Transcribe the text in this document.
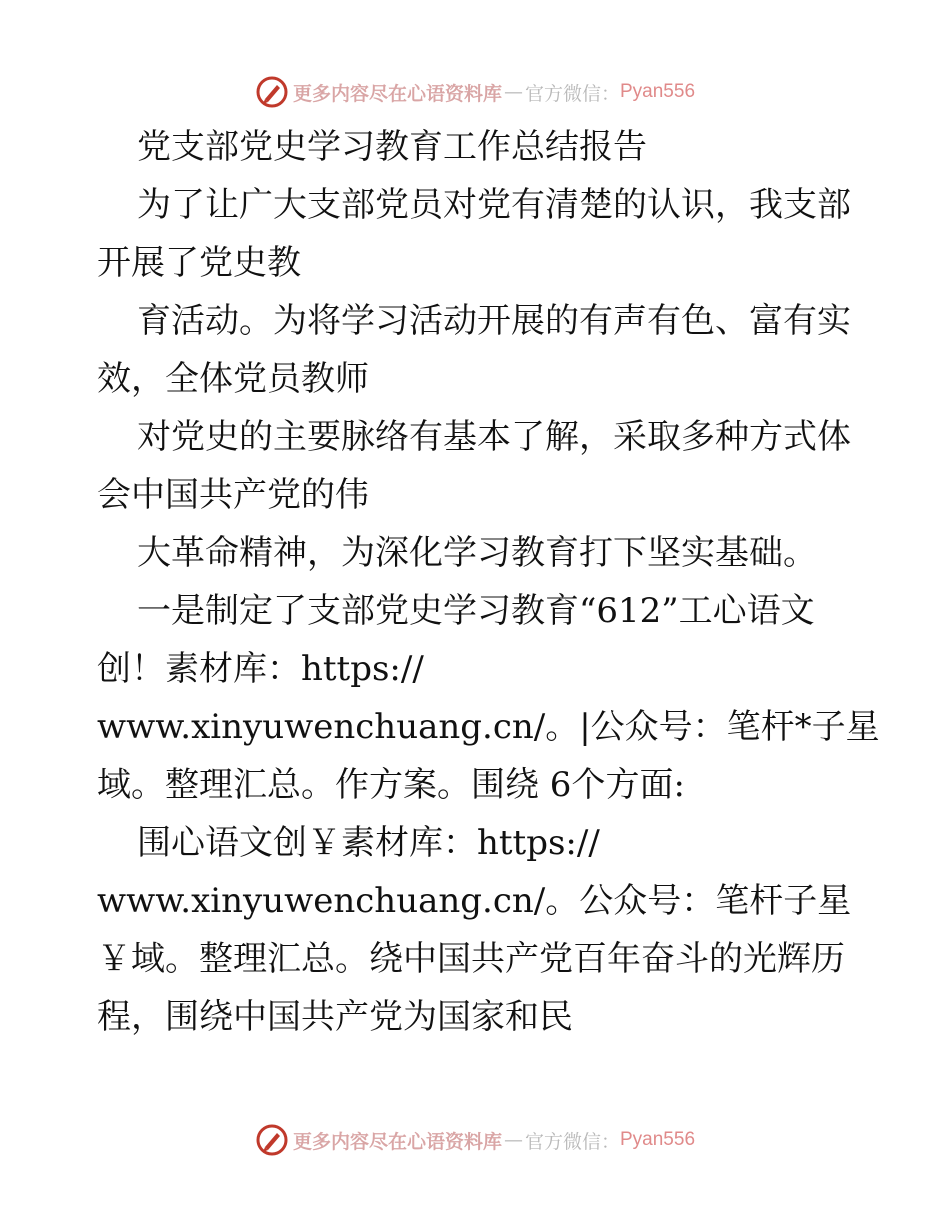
更多内容尽在心语资料库 — 官方微信： Pyan556

党支部党史学习教育工作总结报告

为了让广大支部党员对党有清楚的认识，我支部

开展了党史教

育活动。为将学习活动开展的有声有色、富有实

效，全体党员教师

对党史的主要脉络有基本了解，采取多种方式体

会中国共产党的伟

大革命精神，为深化学习教育打下坚实基础。

一是制定了支部党史学习教育“612”工心语文

创！素材库：https://

www.xinyuwenchuang.cn/。|公众号：笔杆*子星

域。整理汇总。作方案。围绕 6个方面:

围心语文创￥素材库：https://

www.xinyuwenchuang.cn/。公众号：笔杆子星

￥域。整理汇总。绕中国共产党百年奋斗的光辉历

程，围绕中国共产党为国家和民

更多内容尽在心语资料库 — 官方微信： Pyan556
